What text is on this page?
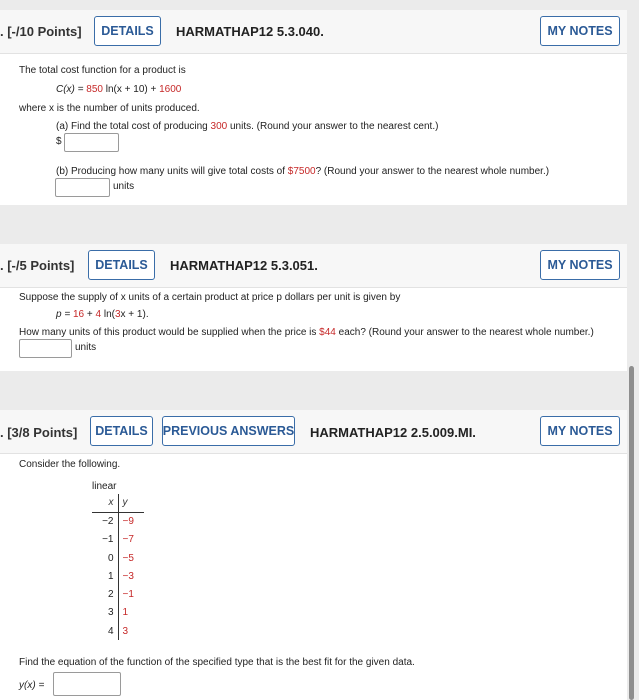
. [-/10 Points]	DETAILS	HARMATHAP12 5.3.040.	MY NOTES
The total cost function for a product is
C(x) = 850 ln(x + 10) + 1600
where x is the number of units produced.
(a) Find the total cost of producing 300 units. (Round your answer to the nearest cent.)
$
(b) Producing how many units will give total costs of $7500? (Round your answer to the nearest whole number.)
units
. [-/5 Points]	DETAILS	HARMATHAP12 5.3.051.	MY NOTES
Suppose the supply of x units of a certain product at price p dollars per unit is given by
p = 16 + 4 ln(3x + 1).
How many units of this product would be supplied when the price is $44 each? (Round your answer to the nearest whole number.)
units
. [3/8 Points]	DETAILS	PREVIOUS ANSWERS HARMATHAP12 2.5.009.MI.	MY NOTES
Consider the following.
linear
x	y
−2	−9
−1	−7
0	−5
1	−3
2	−1
3	1
4	3
Find the equation of the function of the specified type that is the best fit for the given data.
y(x) =
